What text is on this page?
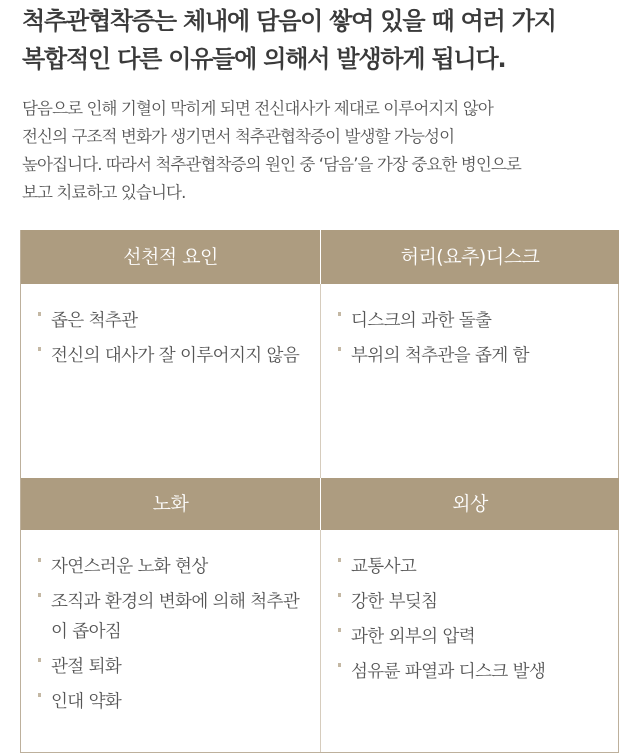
척추관협착증는 체내에 담음이 쌓여 있을 때 여러 가지
복합적인 다른 이유들에 의해서 발생하게 됩니다.

담음으로 인해 기혈이 막히게 되면 전신대사가 제대로 이루어지지 않아
전신의 구조적 변화가 생기면서 척추관협착증이 발생할 가능성이
높아집니다. 따라서 척추관협착증의 원인 중 ‘담음’을 가장 중요한 병인으로
보고 치료하고 있습니다.

선천적 요인
좁은 척추관
전신의 대사가 잘 이루어지지 않음
허리(요추)디스크
디스크의 과한 돌출
부위의 척추관을 좁게 함
노화
자연스러운 노화 현상
조직과 환경의 변화에 의해 척추관이 좁아짐
관절 퇴화
인대 약화
외상
교통사고
강한 부딪침
과한 외부의 압력
섬유륜 파열과 디스크 발생
